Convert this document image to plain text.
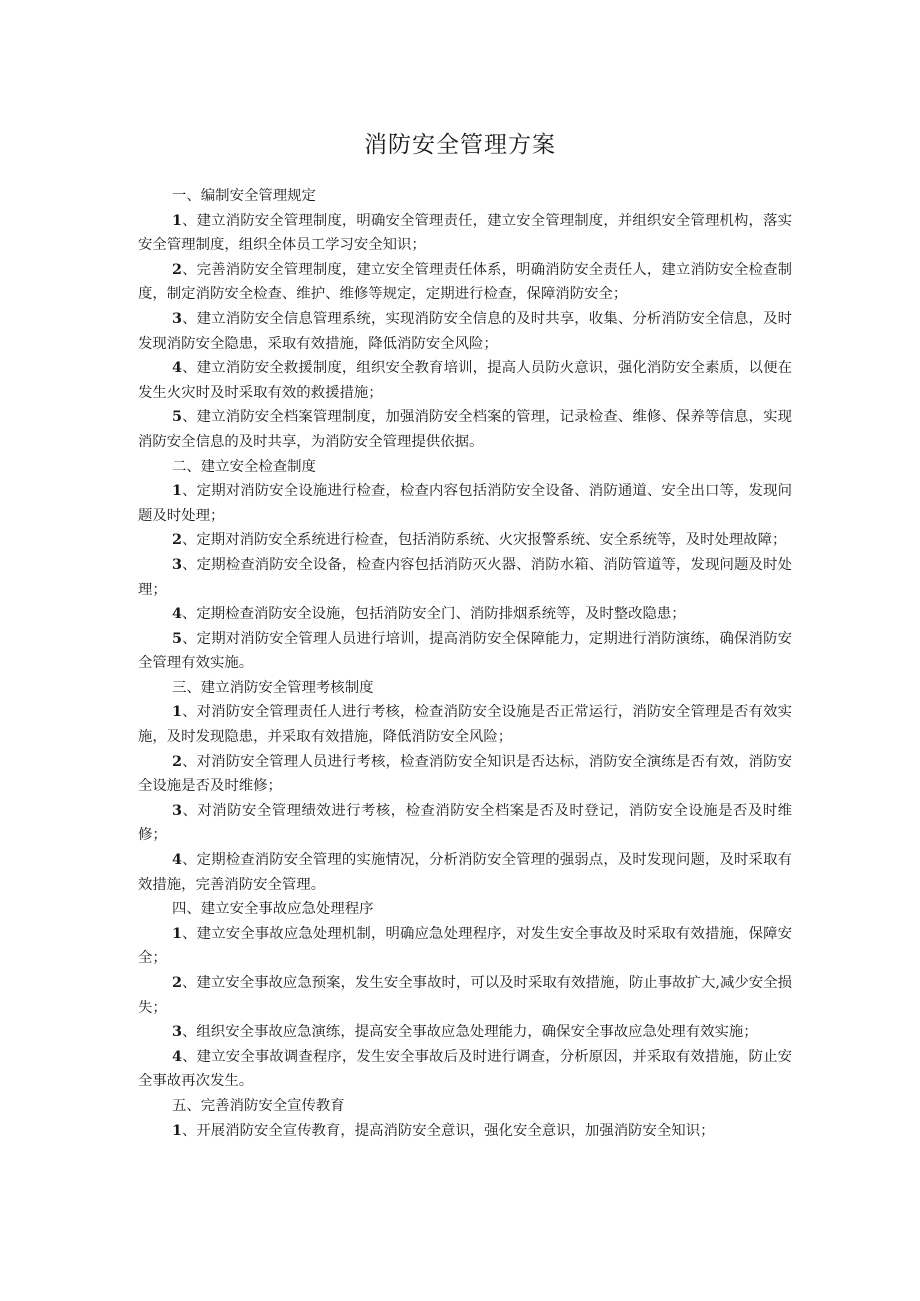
消防安全管理方案

一、编制安全管理规定

1、建立消防安全管理制度，明确安全管理责任，建立安全管理制度，并组织安全管理机构，落实安全管理制度，组织全体员工学习安全知识；

2、完善消防安全管理制度，建立安全管理责任体系，明确消防安全责任人，建立消防安全检查制度，制定消防安全检查、维护、维修等规定，定期进行检查，保障消防安全；

3、建立消防安全信息管理系统，实现消防安全信息的及时共享，收集、分析消防安全信息，及时发现消防安全隐患，采取有效措施，降低消防安全风险；

4、建立消防安全救援制度，组织安全教育培训，提高人员防火意识，强化消防安全素质，以便在发生火灾时及时采取有效的救援措施；

5、建立消防安全档案管理制度，加强消防安全档案的管理，记录检查、维修、保养等信息，实现消防安全信息的及时共享，为消防安全管理提供依据。

二、建立安全检查制度

1、定期对消防安全设施进行检查，检查内容包括消防安全设备、消防通道、安全出口等，发现问题及时处理；

2、定期对消防安全系统进行检查，包括消防系统、火灾报警系统、安全系统等，及时处理故障；

3、定期检查消防安全设备，检查内容包括消防灭火器、消防水箱、消防管道等，发现问题及时处理；

4、定期检查消防安全设施，包括消防安全门、消防排烟系统等，及时整改隐患；

5、定期对消防安全管理人员进行培训，提高消防安全保障能力，定期进行消防演练，确保消防安全管理有效实施。

三、建立消防安全管理考核制度

1、对消防安全管理责任人进行考核，检查消防安全设施是否正常运行，消防安全管理是否有效实施，及时发现隐患，并采取有效措施，降低消防安全风险；

2、对消防安全管理人员进行考核，检查消防安全知识是否达标，消防安全演练是否有效，消防安全设施是否及时维修；

3、对消防安全管理绩效进行考核，检查消防安全档案是否及时登记，消防安全设施是否及时维修；

4、定期检查消防安全管理的实施情况，分析消防安全管理的强弱点，及时发现问题，及时采取有效措施，完善消防安全管理。

四、建立安全事故应急处理程序

1、建立安全事故应急处理机制，明确应急处理程序，对发生安全事故及时采取有效措施，保障安全；

2、建立安全事故应急预案，发生安全事故时，可以及时采取有效措施，防止事故扩大,减少安全损失；

3、组织安全事故应急演练，提高安全事故应急处理能力，确保安全事故应急处理有效实施；

4、建立安全事故调查程序，发生安全事故后及时进行调查，分析原因，并采取有效措施，防止安全事故再次发生。

五、完善消防安全宣传教育

1、开展消防安全宣传教育，提高消防安全意识，强化安全意识，加强消防安全知识；
